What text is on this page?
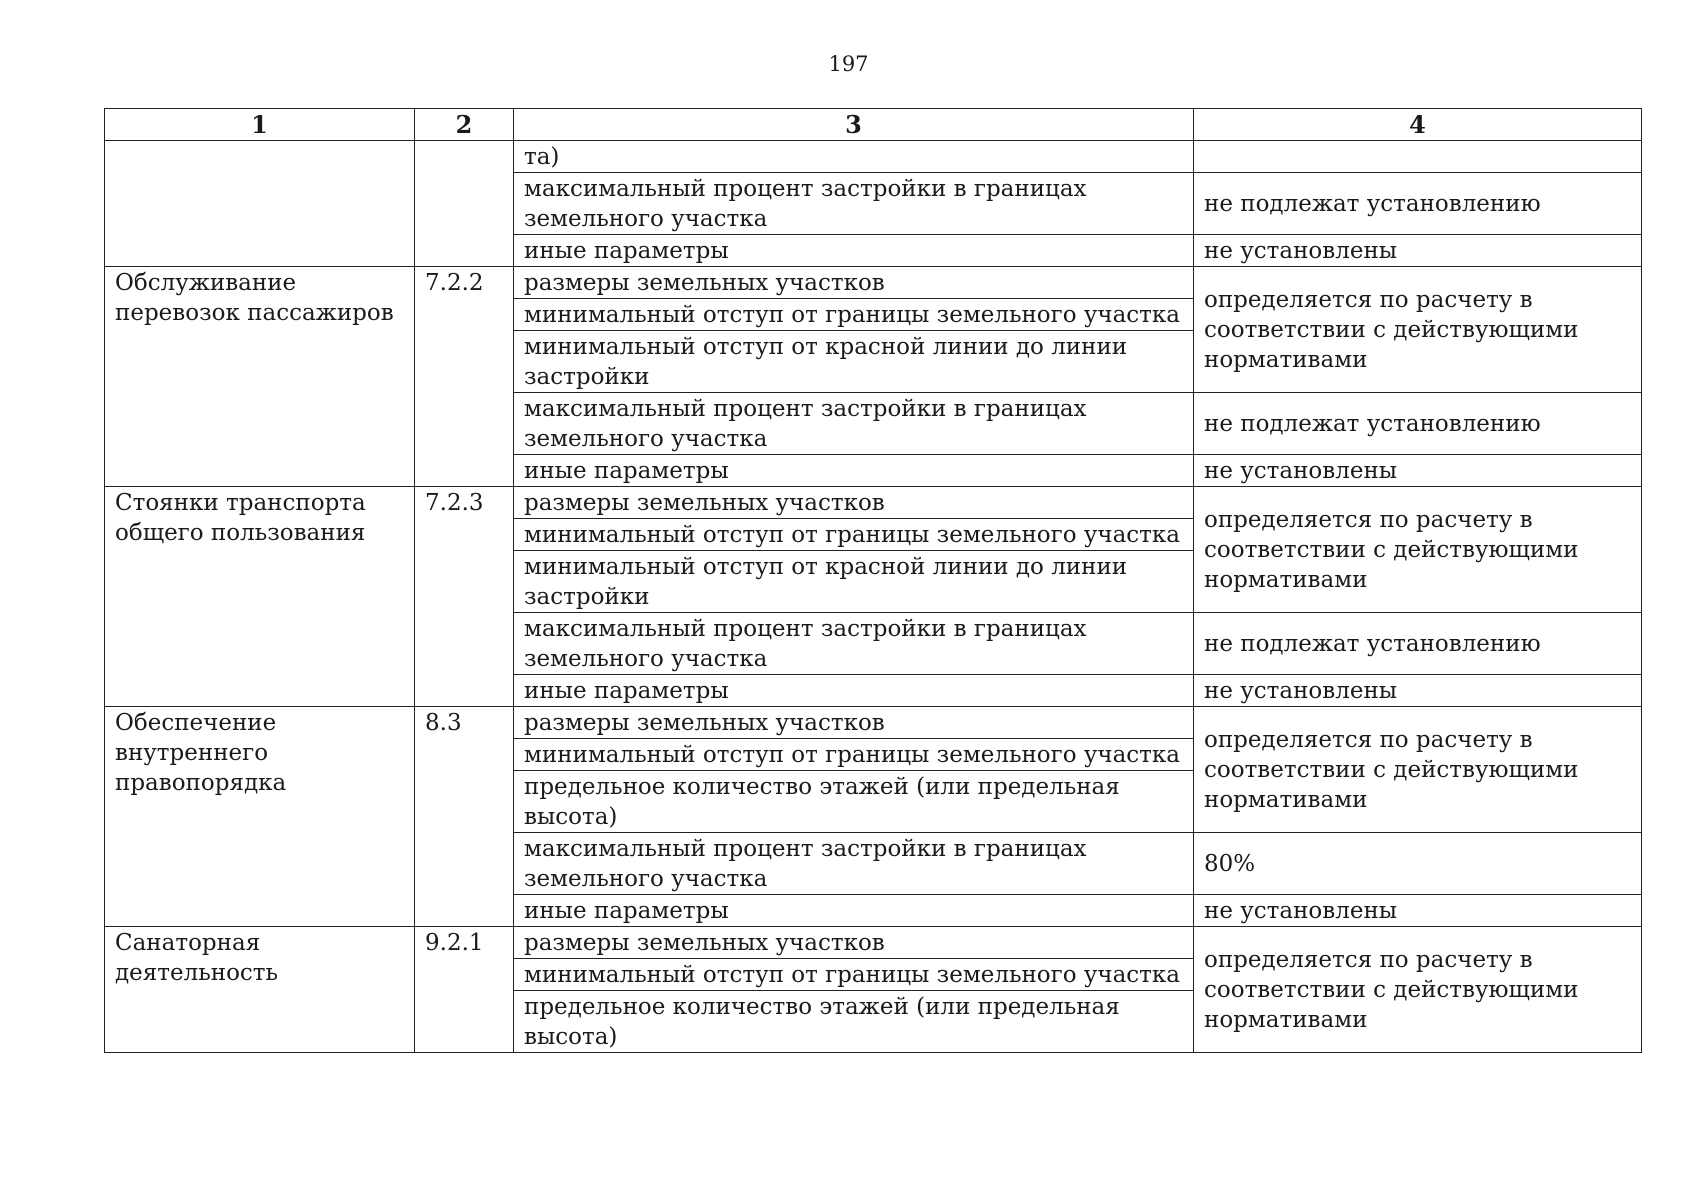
197
1	2	3	4
		та)	
		максимальный процент застройки в границах земельного участка	не подлежат установлению
		иные параметры	не установлены
Обслуживание перевозок пассажиров	7.2.2	размеры земельных участков	определяется по расчету в соответствии с действующими нормативами
		минимальный отступ от границы земельного участка	
		минимальный отступ от красной линии до линии застройки	
		максимальный процент застройки в границах земельного участка	не подлежат установлению
		иные параметры	не установлены
Стоянки транспорта общего пользования	7.2.3	размеры земельных участков	определяется по расчету в соответствии с действующими нормативами
		минимальный отступ от границы земельного участка	
		минимальный отступ от красной линии до линии застройки	
		максимальный процент застройки в границах земельного участка	не подлежат установлению
		иные параметры	не установлены
Обеспечение внутреннего правопорядка	8.3	размеры земельных участков	определяется по расчету в соответствии с действующими нормативами
		минимальный отступ от границы земельного участка	
		предельное количество этажей (или предельная высота)	
		максимальный процент застройки в границах земельного участка	80%
		иные параметры	не установлены
Санаторная деятельность	9.2.1	размеры земельных участков	определяется по расчету в соответствии с действующими нормативами
		минимальный отступ от границы земельного участка	
		предельное количество этажей (или предельная высота)	
